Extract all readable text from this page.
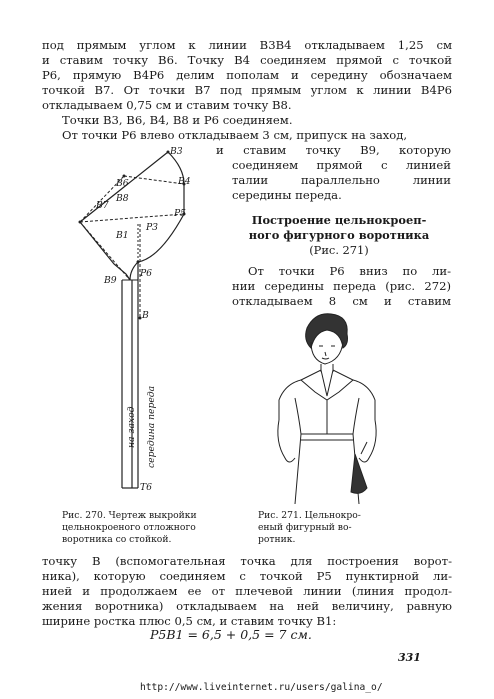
под прямым углом к линии B3B4 откладываем 1,25 см
и ставим точку B6. Точку B4 соединяем прямой с точкой
P6, прямую B4P6 делим пополам и середину обозначаем
точкой B7. От точки B7 под прямым углом к линии B4P6
откладываем 0,75 см и ставим точку B8.
Точки B3, B6, B4, B8 и P6 соединяем.
От точки P6 влево откладываем 3 см, припуск на заход,
и ставим точку B9, которую
соединяем прямой с линией
талии параллельно линии
середины переда.
Построение цельнокроеп-
ного фигурного воротника
(Рис. 271)
От точки P6 вниз по ли-
нии середины переда (рис. 272)
откладываем 8 см и ставим
B3
B6	B4
B8
B7
P5
P3
B1
P6
B9
B
T6
на заход середина переда
Рис. 270. Чертеж выкройки
цельнокроеного отложного
воротника со стойкой.
Рис. 271. Цельнокро-
еный фигурный во-
ротник.
точку B (вспомогательная точка для построения ворот-
ника), которую соединяем с точкой P5 пунктирной ли-
нией и продолжаем ее от плечевой линии (линия продол-
жения воротника) откладываем на ней величину, равную
ширине ростка плюс 0,5 см, и ставим точку B1:
P5B1 = 6,5 + 0,5 = 7 см.
331
http://www.liveinternet.ru/users/galina_o/
